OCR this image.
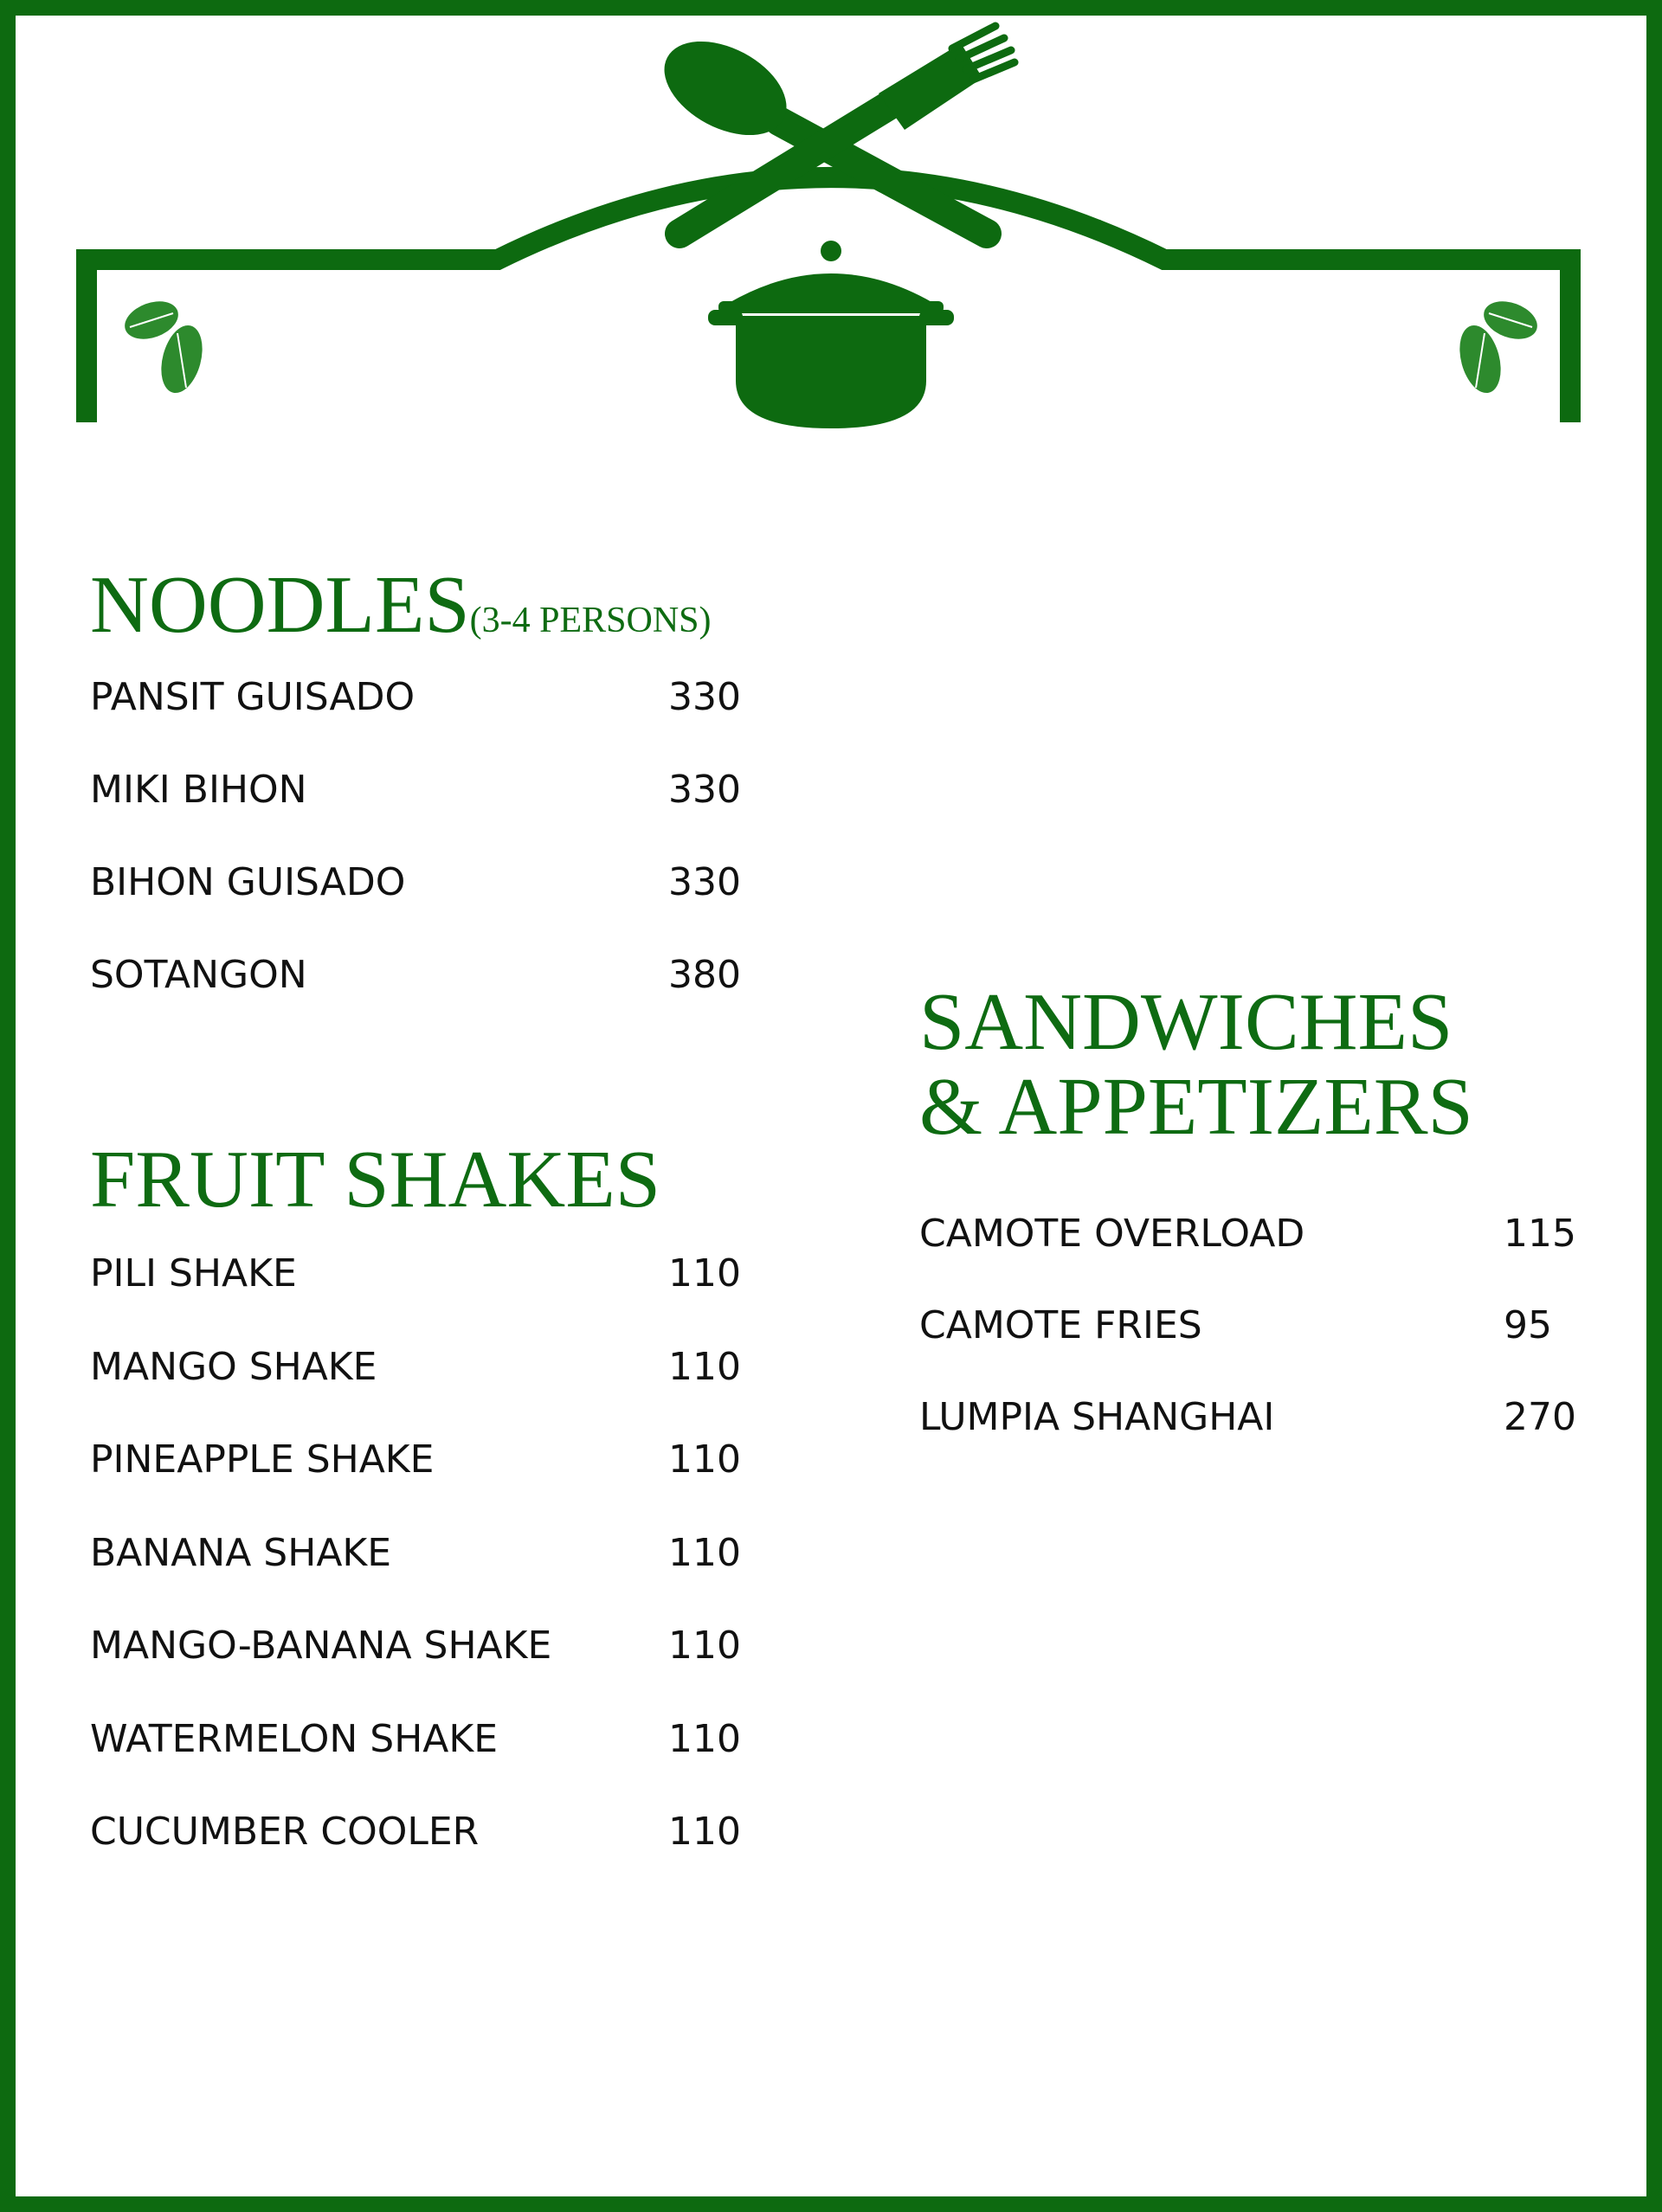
NOODLES(3-4 PERSONS)
PANSIT GUISADO	330
MIKI BIHON	330
BIHON GUISADO	330
SOTANGON	380
FRUIT SHAKES
PILI SHAKE	110
MANGO SHAKE	110
PINEAPPLE SHAKE	110
BANANA SHAKE	110
MANGO-BANANA SHAKE	110
WATERMELON SHAKE	110
CUCUMBER COOLER	110
SANDWICHES
& APPETIZERS
CAMOTE OVERLOAD	115
CAMOTE FRIES	95
LUMPIA SHANGHAI	270
